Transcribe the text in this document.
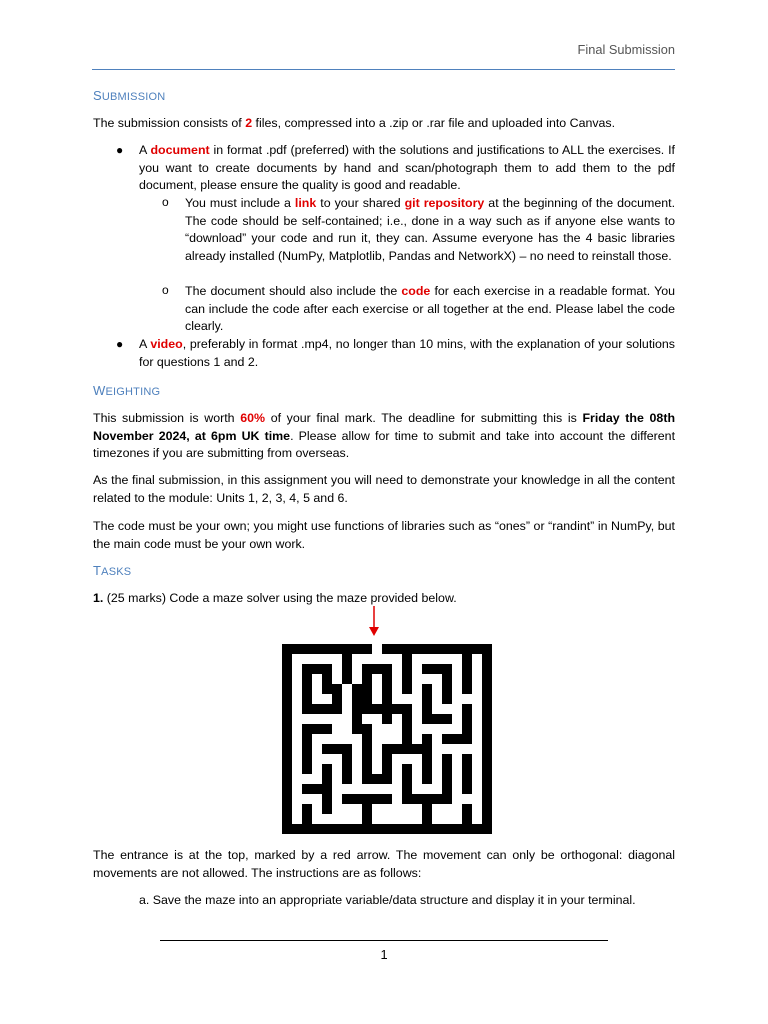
Final Submission
SUBMISSION
The submission consists of 2 files, compressed into a .zip or .rar file and uploaded into Canvas.
● A document in format .pdf (preferred) with the solutions and justifications to ALL the exercises. If you want to create documents by hand and scan/photograph them to add them to the pdf document, please ensure the quality is good and readable.
o You must include a link to your shared git repository at the beginning of the document. The code should be self-contained; i.e., done in a way such as if anyone else wants to “download” your code and run it, they can. Assume everyone has the 4 basic libraries already installed (NumPy, Matplotlib, Pandas and NetworkX) – no need to reinstall those.
o The document should also include the code for each exercise in a readable format. You can include the code after each exercise or all together at the end. Please label the code clearly.
● A video, preferably in format .mp4, no longer than 10 mins, with the explanation of your solutions for questions 1 and 2.
WEIGHTING
This submission is worth 60% of your final mark. The deadline for submitting this is Friday the 08th November 2024, at 6pm UK time. Please allow for time to submit and take into account the different timezones if you are submitting from overseas.
As the final submission, in this assignment you will need to demonstrate your knowledge in all the content related to the module: Units 1, 2, 3, 4, 5 and 6.
The code must be your own; you might use functions of libraries such as “ones” or “randint” in NumPy, but the main code must be your own work.
TASKS
1. (25 marks) Code a maze solver using the maze provided below.
The entrance is at the top, marked by a red arrow. The movement can only be orthogonal: diagonal movements are not allowed. The instructions are as follows:
a. Save the maze into an appropriate variable/data structure and display it in your terminal.
1
